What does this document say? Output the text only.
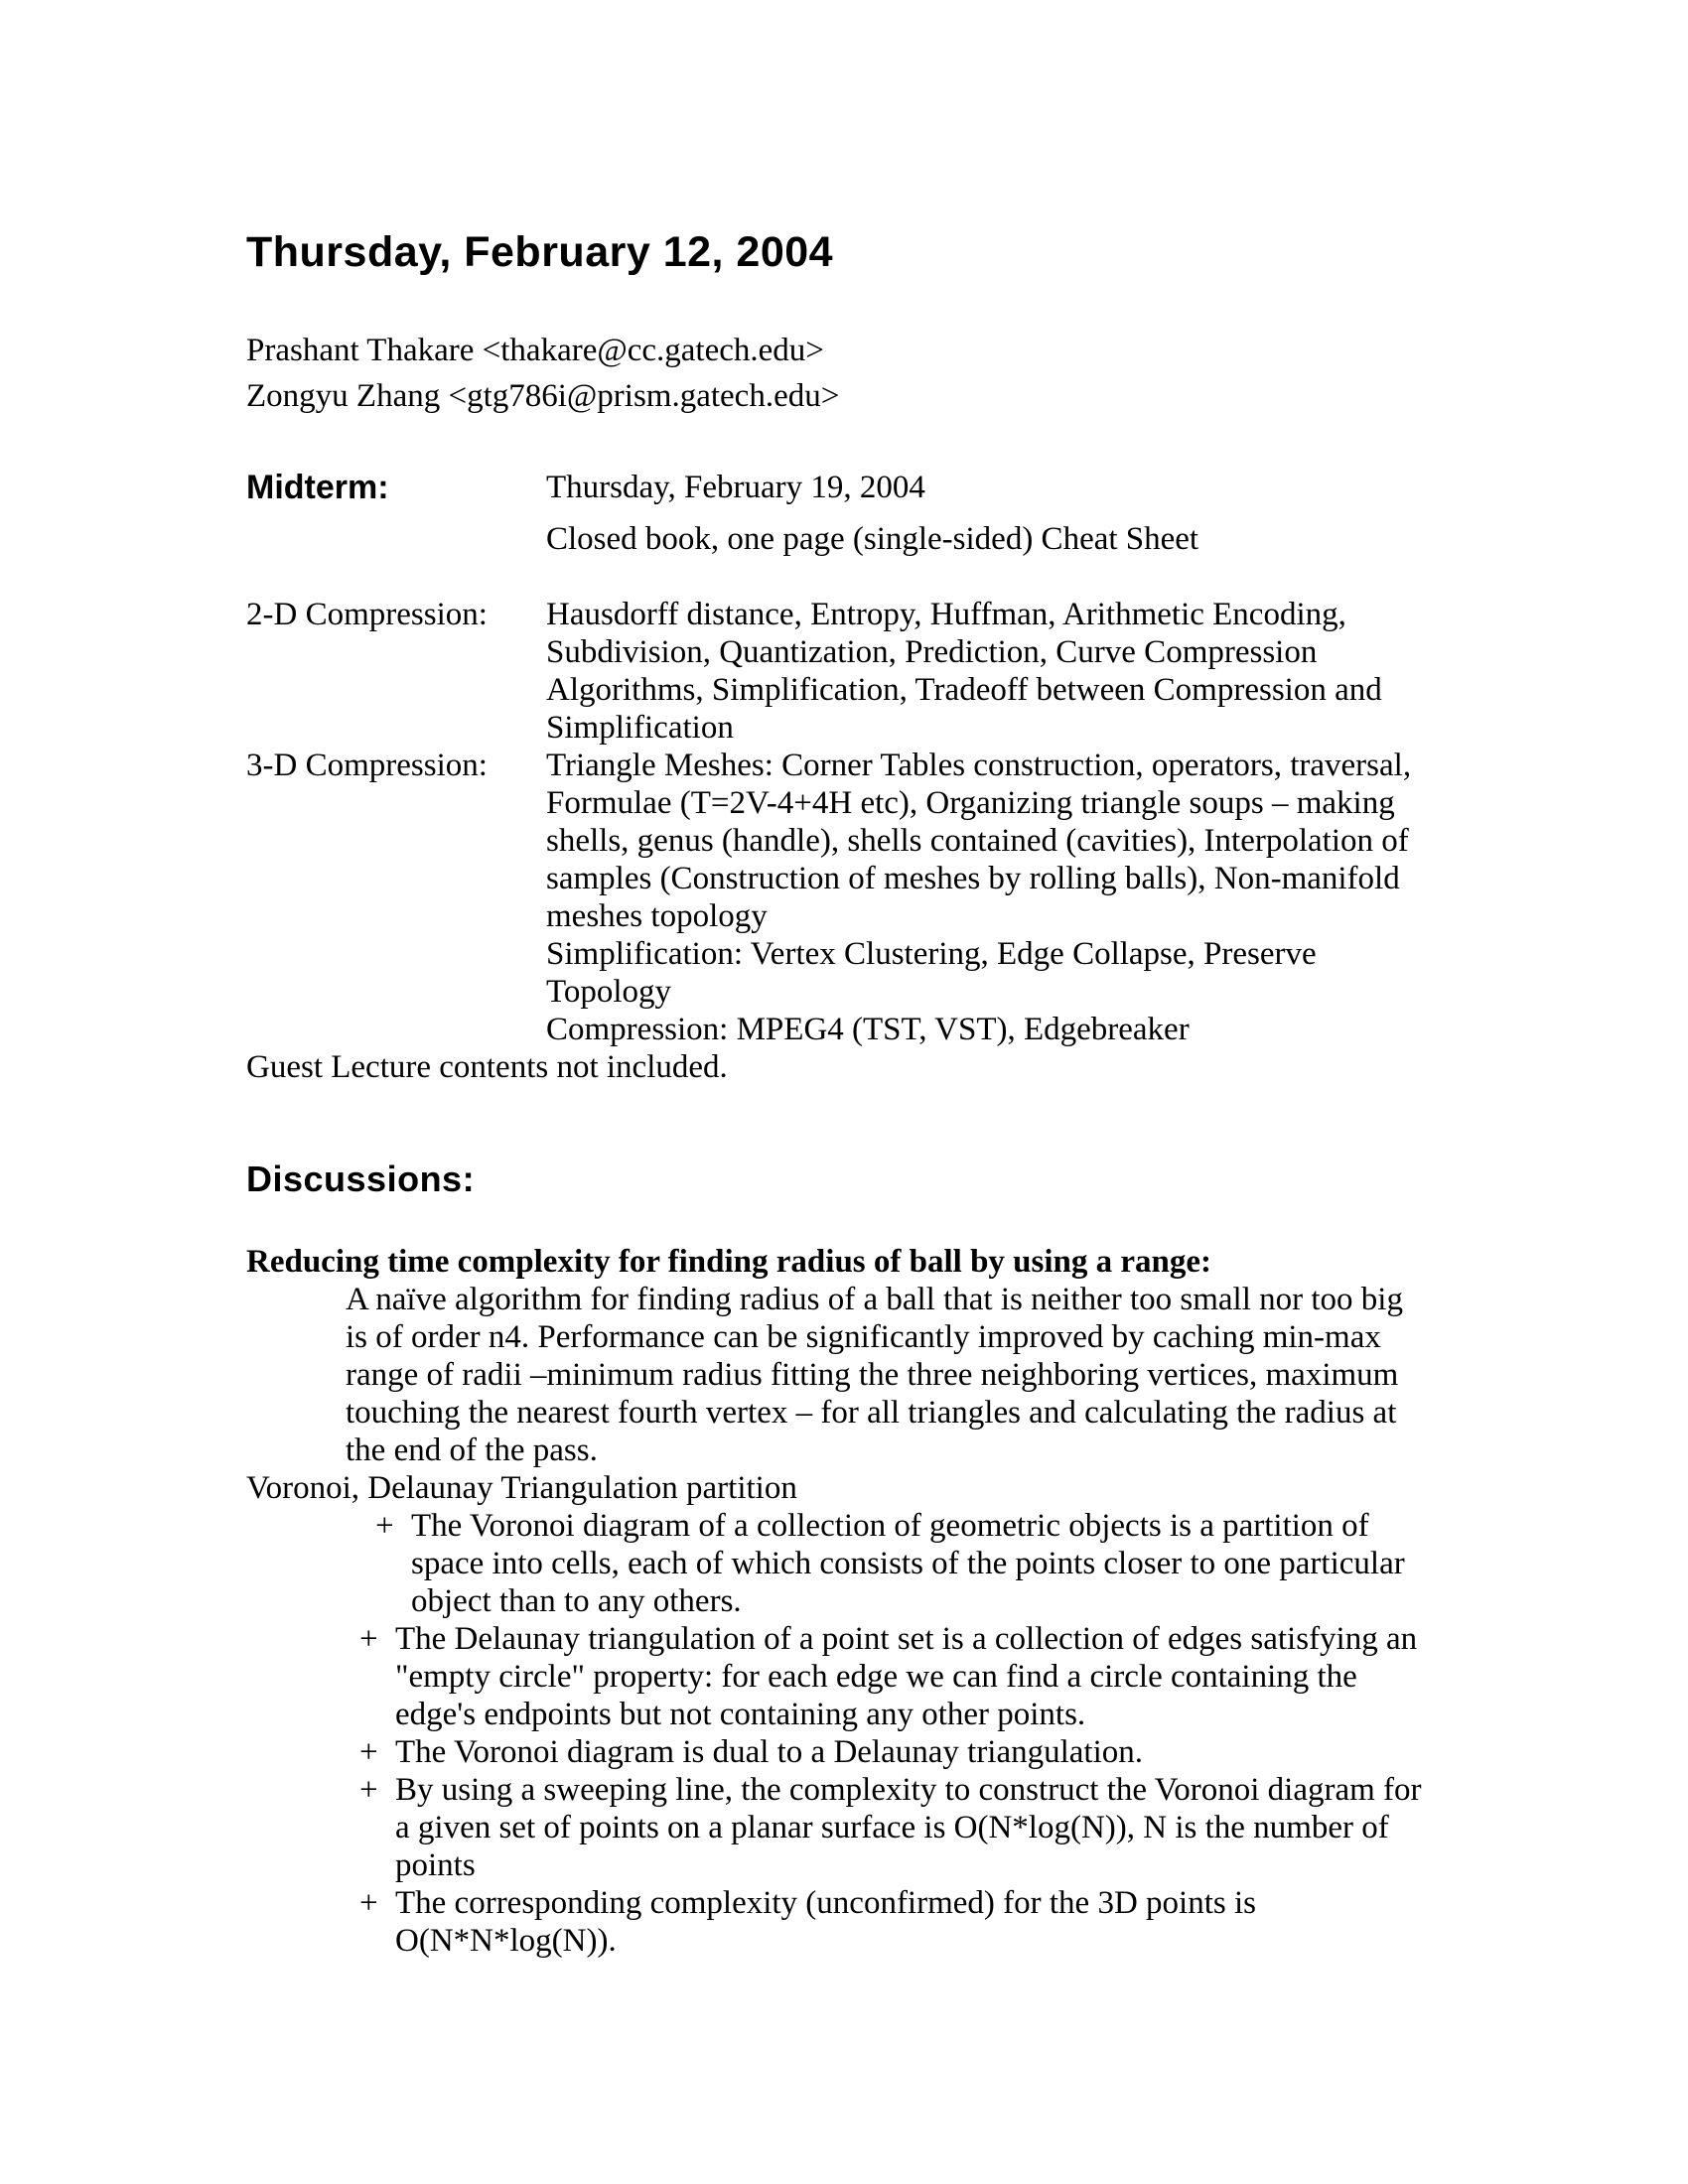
Thursday, February 12, 2004
Prashant Thakare <thakare@cc.gatech.edu>
Zongyu Zhang <gtg786i@prism.gatech.edu>
Midterm:	Thursday, February 19, 2004
Closed book, one page (single-sided) Cheat Sheet
2-D Compression:	Hausdorff distance, Entropy, Huffman, Arithmetic Encoding,
Subdivision, Quantization, Prediction, Curve Compression
Algorithms, Simplification, Tradeoff between Compression and
Simplification
3-D Compression:	Triangle Meshes: Corner Tables construction, operators, traversal,
Formulae (T=2V-4+4H etc), Organizing triangle soups – making
shells, genus (handle), shells contained (cavities), Interpolation of
samples (Construction of meshes by rolling balls), Non-manifold
meshes topology
Simplification: Vertex Clustering, Edge Collapse, Preserve
Topology
Compression: MPEG4 (TST, VST), Edgebreaker
Guest Lecture contents not included.
Discussions:
Reducing time complexity for finding radius of ball by using a range:
A naïve algorithm for finding radius of a ball that is neither too small nor too big
is of order n4. Performance can be significantly improved by caching min-max
range of radii –minimum radius fitting the three neighboring vertices, maximum
touching the nearest fourth vertex – for all triangles and calculating the radius at
the end of the pass.
Voronoi, Delaunay Triangulation partition
+ The Voronoi diagram of a collection of geometric objects is a partition of
space into cells, each of which consists of the points closer to one particular
object than to any others.
+ The Delaunay triangulation of a point set is a collection of edges satisfying an
"empty circle" property: for each edge we can find a circle containing the
edge's endpoints but not containing any other points.
+ The Voronoi diagram is dual to a Delaunay triangulation.
+ By using a sweeping line, the complexity to construct the Voronoi diagram for
a given set of points on a planar surface is O(N*log(N)), N is the number of
points
+ The corresponding complexity (unconfirmed) for the 3D points is
O(N*N*log(N)).
